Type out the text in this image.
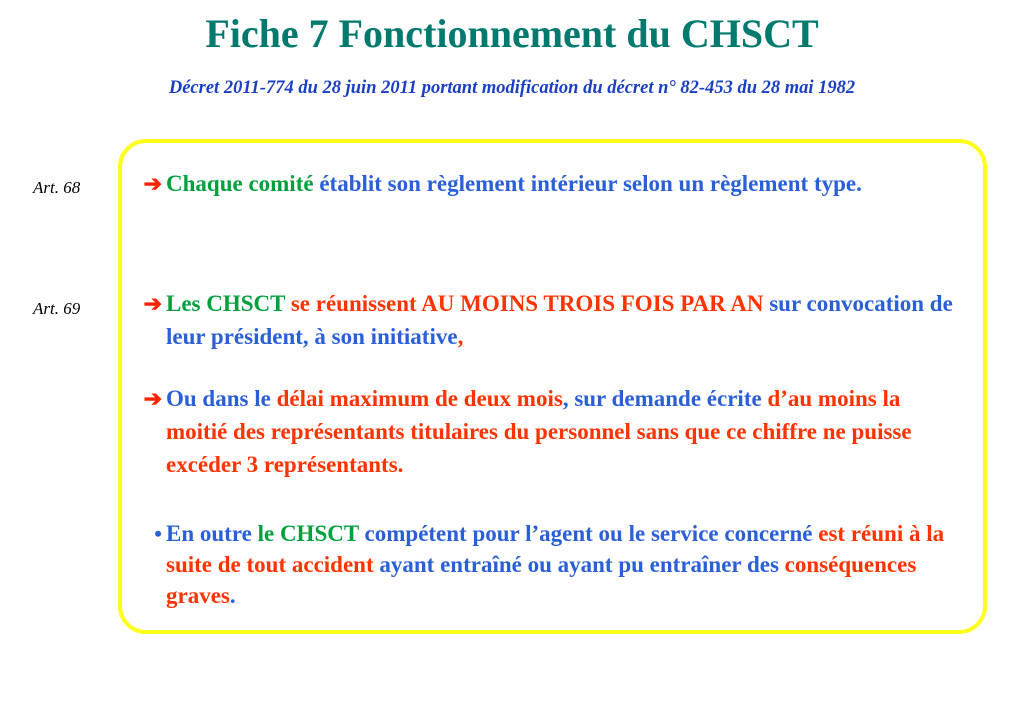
Fiche 7 Fonctionnement du CHSCT
Décret 2011-774 du 28 juin 2011 portant modification du décret n° 82-453 du 28 mai 1982
Art. 68
Art. 69
➔ Chaque comité établit son règlement intérieur selon un règlement type.
➔ Les CHSCT se réunissent AU MOINS TROIS FOIS PAR AN sur convocation de leur président, à son initiative,
➔ Ou dans le délai maximum de deux mois, sur demande écrite d’au moins la moitié des représentants titulaires du personnel sans que ce chiffre ne puisse excéder 3 représentants.
• En outre le CHSCT compétent pour l’agent ou le service concerné est réuni à la suite de tout accident ayant entraîné ou ayant pu entraîner des conséquences graves.
